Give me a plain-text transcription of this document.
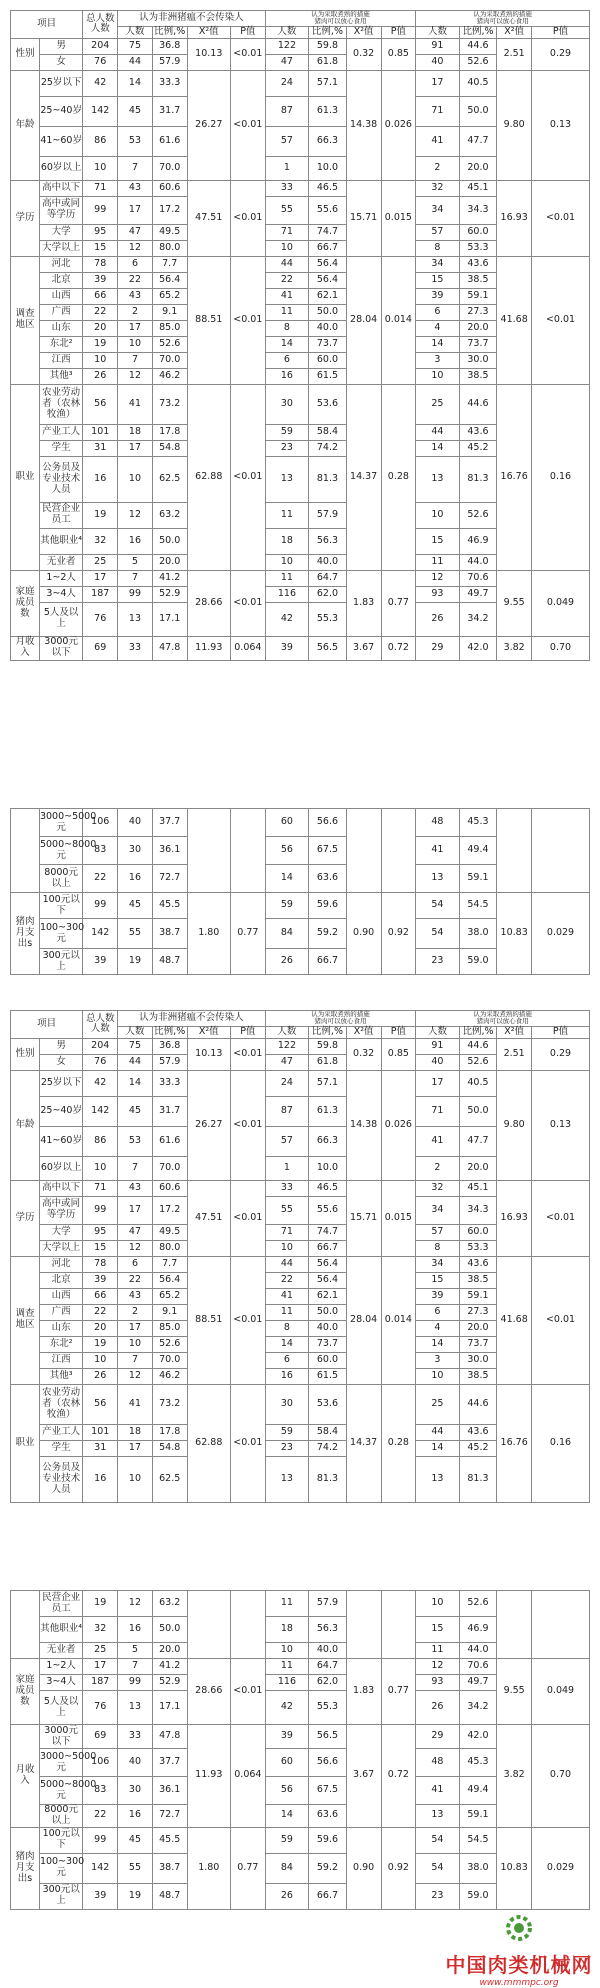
项目		总人数人数	认为非洲猪瘟不会传染人				认为采取煮熟的措施
猪肉可以放心食用				认为采取煮熟的措施
猪肉可以放心食用			
			人数	比例,%	X²值	P值	人数	比例,%	X²值	P值	人数	比例,%	X²值	P值
性别	男	204	75	36.8	10.13	<0.01	122	59.8	0.32	0.85	91	44.6	2.51	0.29
	女	76	44	57.9			47	61.8			40	52.6		
年龄	25岁以下	42	14	33.3	26.27	<0.01	24	57.1	14.38	0.026	17	40.5	9.80	0.13
	25~40岁	142	45	31.7			87	61.3			71	50.0		
	41~60岁	86	53	61.6			57	66.3			41	47.7		
	60岁以上	10	7	70.0			1	10.0			2	20.0		
学历	高中以下	71	43	60.6	47.51	<0.01	33	46.5	15.71	0.015	32	45.1	16.93	<0.01
	高中或同等学历	99	17	17.2			55	55.6			34	34.3		
	大学	95	47	49.5			71	74.7			57	60.0		
	大学以上	15	12	80.0			10	66.7			8	53.3		
调查地区	河北	78	6	7.7	88.51	<0.01	44	56.4	28.04	0.014	34	43.6	41.68	<0.01
	北京	39	22	56.4			22	56.4			15	38.5		
	山西	66	43	65.2			41	62.1			39	59.1		
	广西	22	2	9.1			11	50.0			6	27.3		
	山东	20	17	85.0			8	40.0			4	20.0		
	东北²	19	10	52.6			14	73.7			14	73.7		
	江西	10	7	70.0			6	60.0			3	30.0		
	其他³	26	12	46.2			16	61.5			10	38.5		
职业	农业劳动者（农林牧渔）	56	41	73.2	62.88	<0.01	30	53.6	14.37	0.28	25	44.6	16.76	0.16
	产业工人	101	18	17.8			59	58.4			44	43.6		
	学生	31	17	54.8			23	74.2			14	45.2		
	公务员及专业技术人员	16	10	62.5			13	81.3			13	81.3		
	民营企业员工	19	12	63.2			11	57.9			10	52.6		
	其他职业⁴	32	16	50.0			18	56.3			15	46.9		
	无业者	25	5	20.0			10	40.0			11	44.0		
家庭成员数	1~2人	17	7	41.2	28.66	<0.01	11	64.7	1.83	0.77	12	70.6	9.55	0.049
	3~4人	187	99	52.9			116	62.0			93	49.7		
	5人及以上	76	13	17.1			42	55.3			26	34.2		
月收入	3000元以下	69	33	47.8	11.93	0.064	39	56.5	3.67	0.72	29	42.0	3.82	0.70
	3000~5000元	106	40	37.7			60	56.6			48	45.3		
	5000~8000元	83	30	36.1			56	67.5			41	49.4		
	8000元以上	22	16	72.7			14	63.6			13	59.1		
猪肉月支出s	100元以下	99	45	45.5	1.80	0.77	59	59.6	0.90	0.92	54	54.5	10.83	0.029
	100~300元	142	55	38.7			84	59.2			54	38.0		
	300元以上	39	19	48.7			26	66.7			23	59.0		
项目		总人数人数	认为非洲猪瘟不会传染人				认为采取煮熟的措施
猪肉可以放心食用				认为采取煮熟的措施
猪肉可以放心食用			
			人数	比例,%	X²值	P值	人数	比例,%	X²值	P值	人数	比例,%	X²值	P值
性别	男	204	75	36.8	10.13	<0.01	122	59.8	0.32	0.85	91	44.6	2.51	0.29
	女	76	44	57.9			47	61.8			40	52.6		
年龄	25岁以下	42	14	33.3	26.27	<0.01	24	57.1	14.38	0.026	17	40.5	9.80	0.13
	25~40岁	142	45	31.7			87	61.3			71	50.0		
	41~60岁	86	53	61.6			57	66.3			41	47.7		
	60岁以上	10	7	70.0			1	10.0			2	20.0		
学历	高中以下	71	43	60.6	47.51	<0.01	33	46.5	15.71	0.015	32	45.1	16.93	<0.01
	高中或同等学历	99	17	17.2			55	55.6			34	34.3		
	大学	95	47	49.5			71	74.7			57	60.0		
	大学以上	15	12	80.0			10	66.7			8	53.3		
调查地区	河北	78	6	7.7	88.51	<0.01	44	56.4	28.04	0.014	34	43.6	41.68	<0.01
	北京	39	22	56.4			22	56.4			15	38.5		
	山西	66	43	65.2			41	62.1			39	59.1		
	广西	22	2	9.1			11	50.0			6	27.3		
	山东	20	17	85.0			8	40.0			4	20.0		
	东北²	19	10	52.6			14	73.7			14	73.7		
	江西	10	7	70.0			6	60.0			3	30.0		
	其他³	26	12	46.2			16	61.5			10	38.5		
职业	农业劳动者（农林牧渔）	56	41	73.2	62.88	<0.01	30	53.6	14.37	0.28	25	44.6	16.76	0.16
	产业工人	101	18	17.8			59	58.4			44	43.6		
	学生	31	17	54.8			23	74.2			14	45.2		
	公务员及专业技术人员	16	10	62.5			13	81.3			13	81.3		
	民营企业员工	19	12	63.2			11	57.9			10	52.6		
	其他职业⁴	32	16	50.0			18	56.3			15	46.9		
	无业者	25	5	20.0			10	40.0			11	44.0		
家庭成员数	1~2人	17	7	41.2	28.66	<0.01	11	64.7	1.83	0.77	12	70.6	9.55	0.049
	3~4人	187	99	52.9			116	62.0			93	49.7		
	5人及以上	76	13	17.1			42	55.3			26	34.2		
月收入	3000元以下	69	33	47.8	11.93	0.064	39	56.5	3.67	0.72	29	42.0	3.82	0.70
	3000~5000元	106	40	37.7			60	56.6			48	45.3		
	5000~8000元	83	30	36.1			56	67.5			41	49.4		
	8000元以上	22	16	72.7			14	63.6			13	59.1		
猪肉月支出s	100元以下	99	45	45.5	1.80	0.77	59	59.6	0.90	0.92	54	54.5	10.83	0.029
	100~300元	142	55	38.7			84	59.2			54	38.0		
	300元以上	39	19	48.7			26	66.7			23	59.0		
中国肉类机械网
www.mmmpc.org
